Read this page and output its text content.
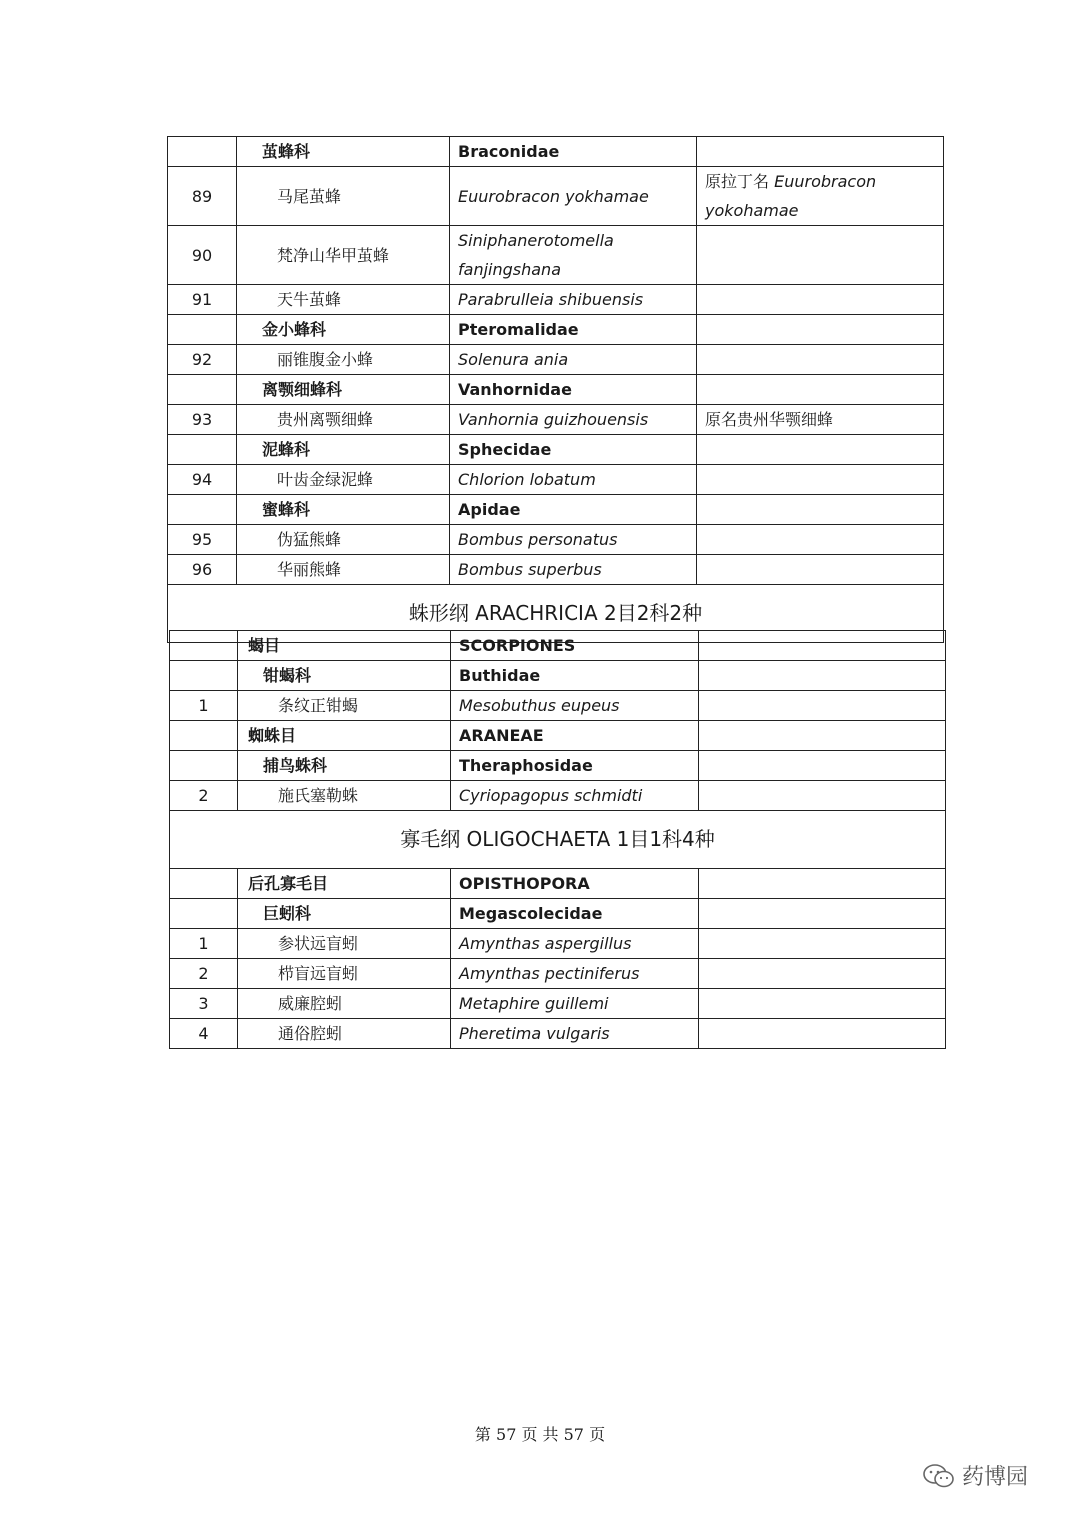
	茧蜂科	Braconidae	
89	马尾茧蜂	Euurobracon yokhamae	原拉丁名 Euurobracon
yokohamae
90	梵净山华甲茧蜂	Siniphanerotomella
fanjingshana	
91	天牛茧蜂	Parabrulleia shibuensis	
	金小蜂科	Pteromalidae	
92	丽锥腹金小蜂	Solenura ania	
	离颚细蜂科	Vanhornidae	
93	贵州离颚细蜂	Vanhornia guizhouensis	原名贵州华颚细蜂
	泥蜂科	Sphecidae	
94	叶齿金绿泥蜂	Chlorion lobatum	
	蜜蜂科	Apidae	
95	伪猛熊蜂	Bombus personatus	
96	华丽熊蜂	Bombus superbus	
蛛形纲 ARACHRICIA 2目2科2种			
	蝎目	SCORPIONES	
	钳蝎科	Buthidae	
1	条纹正钳蝎	Mesobuthus eupeus	
	蜘蛛目	ARANEAE	
	捕鸟蛛科	Theraphosidae	
2	施氏塞勒蛛	Cyriopagopus schmidti	
寡毛纲 OLIGOCHAETA 1目1科4种			
	后孔寡毛目	OPISTHOPORA	
	巨蚓科	Megascolecidae	
1	参状远盲蚓	Amynthas aspergillus	
2	栉盲远盲蚓	Amynthas pectiniferus	
3	威廉腔蚓	Metaphire guillemi	
4	通俗腔蚓	Pheretima vulgaris	
第 57 页 共 57 页
药博园
